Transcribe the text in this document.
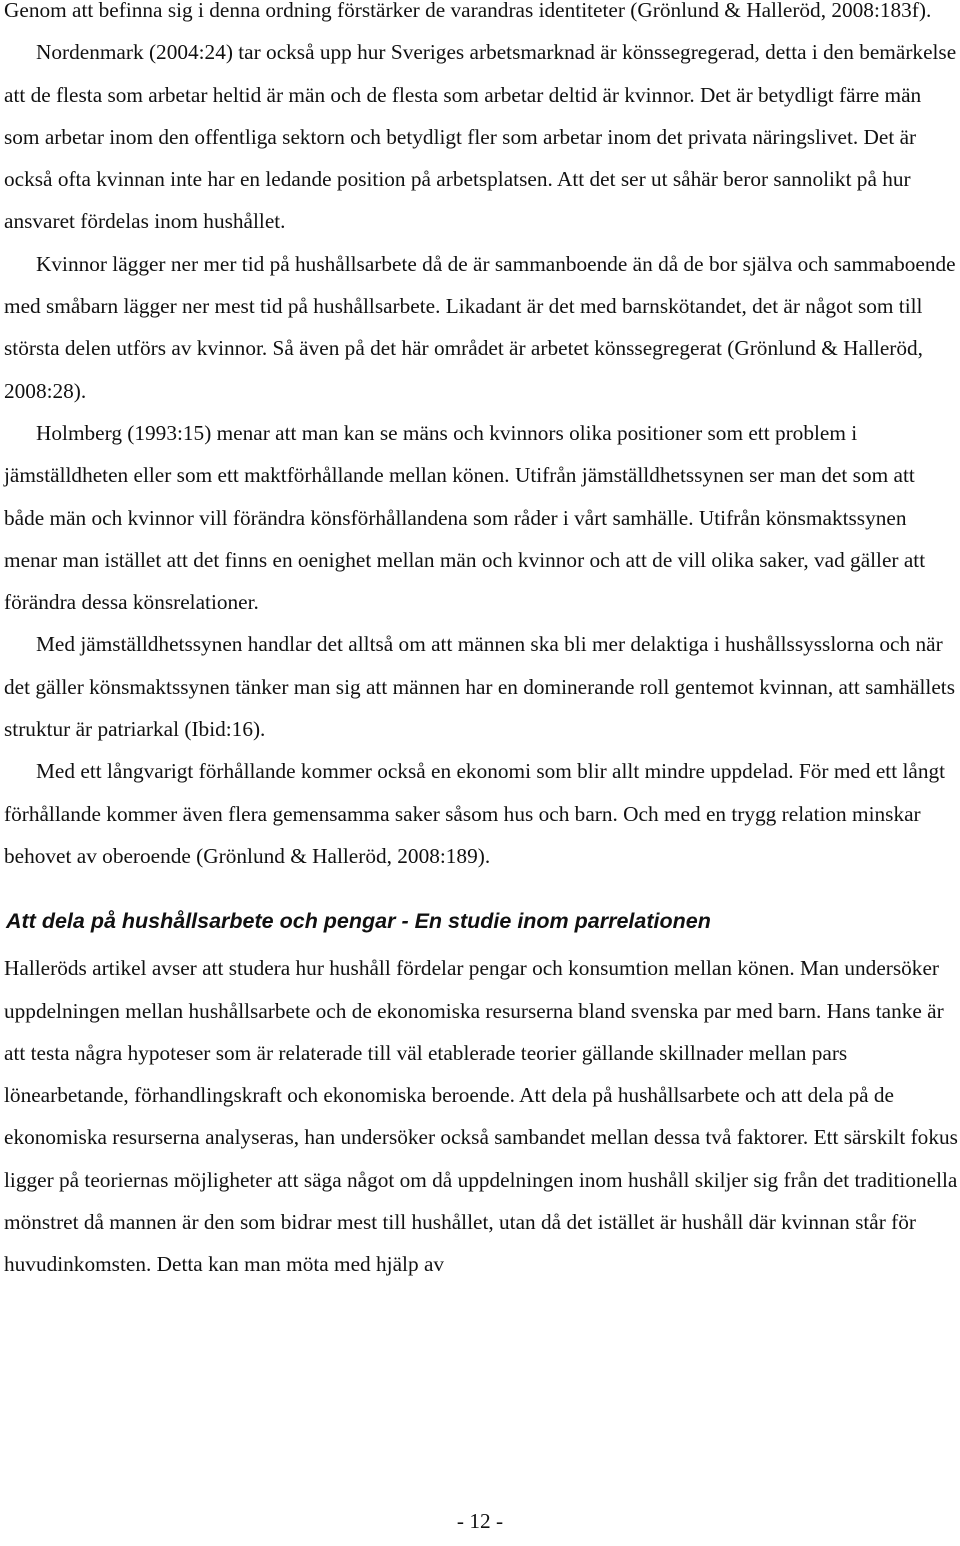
Genom att befinna sig i denna ordning förstärker de varandras identiteter (Grönlund & Halleröd, 2008:183f).

Nordenmark (2004:24) tar också upp hur Sveriges arbetsmarknad är könssegregerad, detta i den bemärkelse att de flesta som arbetar heltid är män och de flesta som arbetar deltid är kvinnor. Det är betydligt färre män som arbetar inom den offentliga sektorn och betydligt fler som arbetar inom det privata näringslivet. Det är också ofta kvinnan inte har en ledande position på arbetsplatsen. Att det ser ut såhär beror sannolikt på hur ansvaret fördelas inom hushållet.

Kvinnor lägger ner mer tid på hushållsarbete då de är sammanboende än då de bor själva och sammaboende med småbarn lägger ner mest tid på hushållsarbete. Likadant är det med barnskötandet, det är något som till största delen utförs av kvinnor. Så även på det här området är arbetet könssegregerat (Grönlund & Halleröd, 2008:28).

Holmberg (1993:15) menar att man kan se mäns och kvinnors olika positioner som ett problem i jämställdheten eller som ett maktförhållande mellan könen. Utifrån jämställdhetssynen ser man det som att både män och kvinnor vill förändra könsförhållandena som råder i vårt samhälle. Utifrån könsmaktssynen menar man istället att det finns en oenighet mellan män och kvinnor och att de vill olika saker, vad gäller att förändra dessa könsrelationer.

Med jämställdhetssynen handlar det alltså om att männen ska bli mer delaktiga i hushållssysslorna och när det gäller könsmaktssynen tänker man sig att männen har en dominerande roll gentemot kvinnan, att samhällets struktur är patriarkal (Ibid:16).

Med ett långvarigt förhållande kommer också en ekonomi som blir allt mindre uppdelad. För med ett långt förhållande kommer även flera gemensamma saker såsom hus och barn. Och med en trygg relation minskar behovet av oberoende (Grönlund & Halleröd, 2008:189).

Att dela på hushållsarbete och pengar - En studie inom parrelationen

Halleröds artikel avser att studera hur hushåll fördelar pengar och konsumtion mellan könen. Man undersöker uppdelningen mellan hushållsarbete och de ekonomiska resurserna bland svenska par med barn. Hans tanke är att testa några hypoteser som är relaterade till väl etablerade teorier gällande skillnader mellan pars lönearbetande, förhandlingskraft och ekonomiska beroende. Att dela på hushållsarbete och att dela på de ekonomiska resurserna analyseras, han undersöker också sambandet mellan dessa två faktorer. Ett särskilt fokus ligger på teoriernas möjligheter att säga något om då uppdelningen inom hushåll skiljer sig från det traditionella mönstret då mannen är den som bidrar mest till hushållet, utan då det istället är hushåll där kvinnan står för huvudinkomsten. Detta kan man möta med hjälp av

- 12 -
